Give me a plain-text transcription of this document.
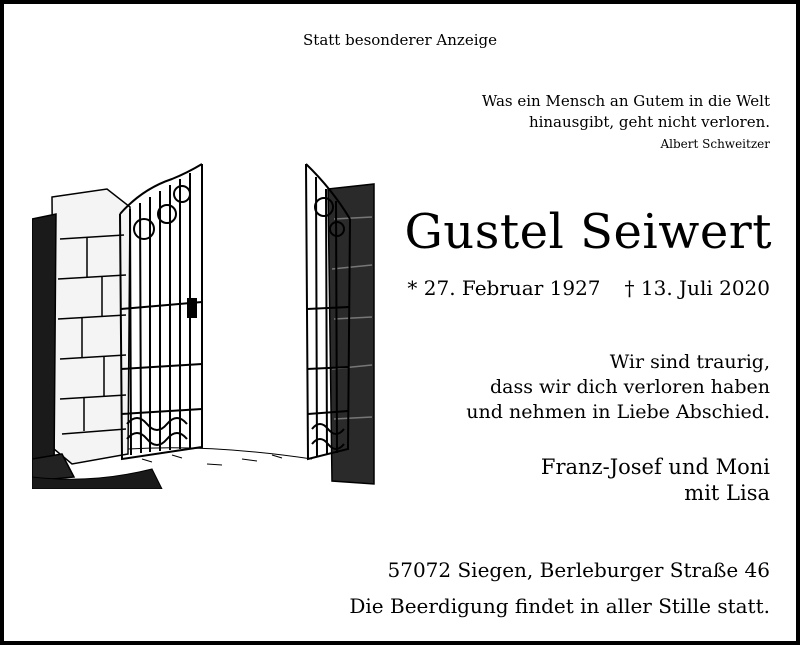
Statt besonderer Anzeige
Was ein Mensch an Gutem in die Welt
hinausgibt, geht nicht verloren.
Albert Schweitzer
Gustel Seiwert
* 27. Februar 1927 † 13. Juli 2020
Wir sind traurig,
dass wir dich verloren haben
und nehmen in Liebe Abschied.
Franz-Josef und Moni
mit Lisa
57072 Siegen, Berleburger Straße 46
Die Beerdigung findet in aller Stille statt.
